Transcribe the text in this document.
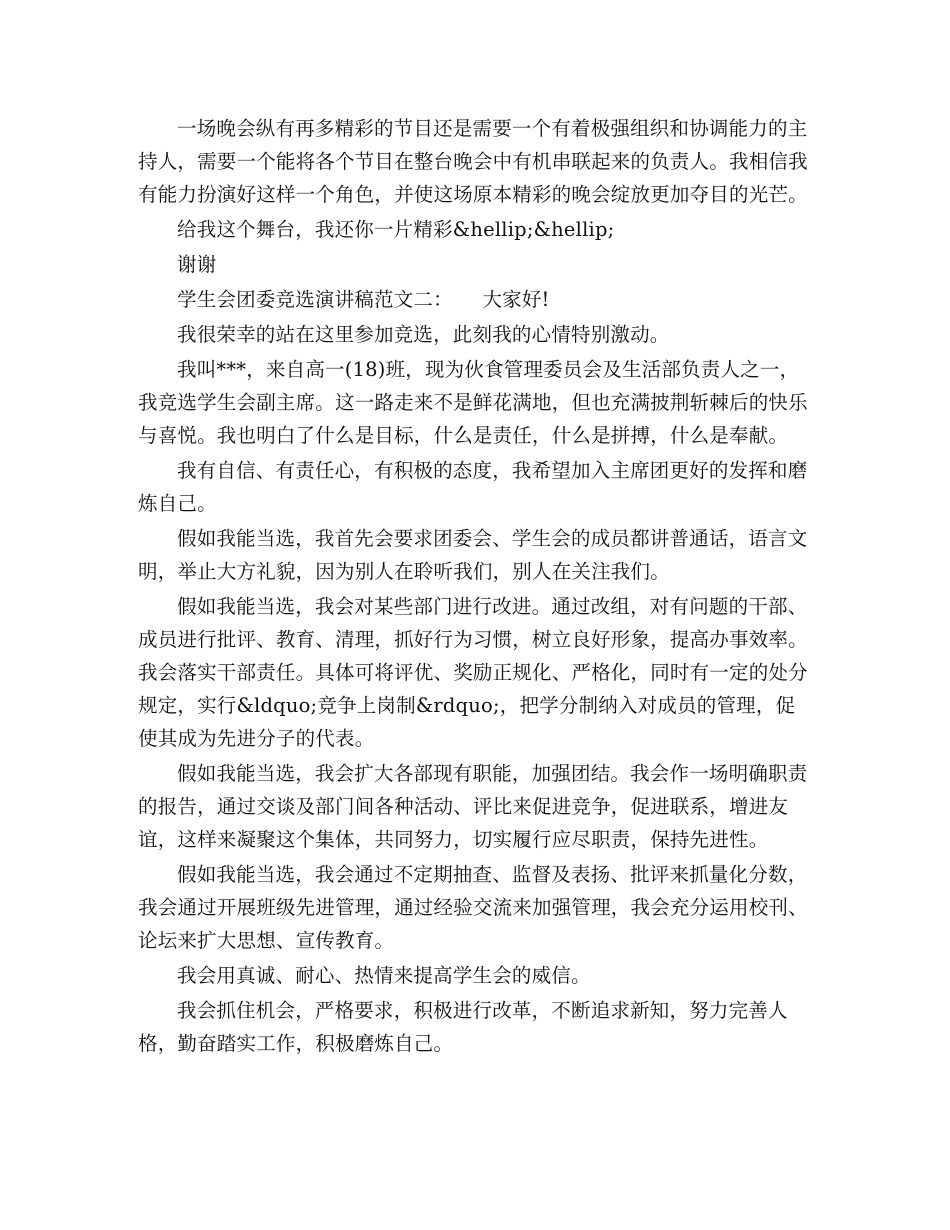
一场晚会纵有再多精彩的节目还是需要一个有着极强组织和协调能力的主持人，需要一个能将各个节目在整台晚会中有机串联起来的负责人。我相信我有能力扮演好这样一个角色，并使这场原本精彩的晚会绽放更加夺目的光芒。

给我这个舞台，我还你一片精彩&hellip;&hellip;

谢谢

学生会团委竞选演讲稿范文二：　　大家好!

我很荣幸的站在这里参加竞选，此刻我的心情特别激动。

我叫***，来自高一(18)班，现为伙食管理委员会及生活部负责人之一，我竞选学生会副主席。这一路走来不是鲜花满地，但也充满披荆斩棘后的快乐与喜悦。我也明白了什么是目标，什么是责任，什么是拼搏，什么是奉献。

我有自信、有责任心，有积极的态度，我希望加入主席团更好的发挥和磨炼自己。

假如我能当选，我首先会要求团委会、学生会的成员都讲普通话，语言文明，举止大方礼貌，因为别人在聆听我们，别人在关注我们。

假如我能当选，我会对某些部门进行改进。通过改组，对有问题的干部、成员进行批评、教育、清理，抓好行为习惯，树立良好形象，提高办事效率。我会落实干部责任。具体可将评优、奖励正规化、严格化，同时有一定的处分规定，实行&ldquo;竞争上岗制&rdquo;，把学分制纳入对成员的管理，促使其成为先进分子的代表。

假如我能当选，我会扩大各部现有职能，加强团结。我会作一场明确职责的报告，通过交谈及部门间各种活动、评比来促进竞争，促进联系，增进友谊，这样来凝聚这个集体，共同努力，切实履行应尽职责，保持先进性。

假如我能当选，我会通过不定期抽查、监督及表扬、批评来抓量化分数，我会通过开展班级先进管理，通过经验交流来加强管理，我会充分运用校刊、论坛来扩大思想、宣传教育。

我会用真诚、耐心、热情来提高学生会的威信。

我会抓住机会，严格要求，积极进行改革，不断追求新知，努力完善人格，勤奋踏实工作，积极磨炼自己。
